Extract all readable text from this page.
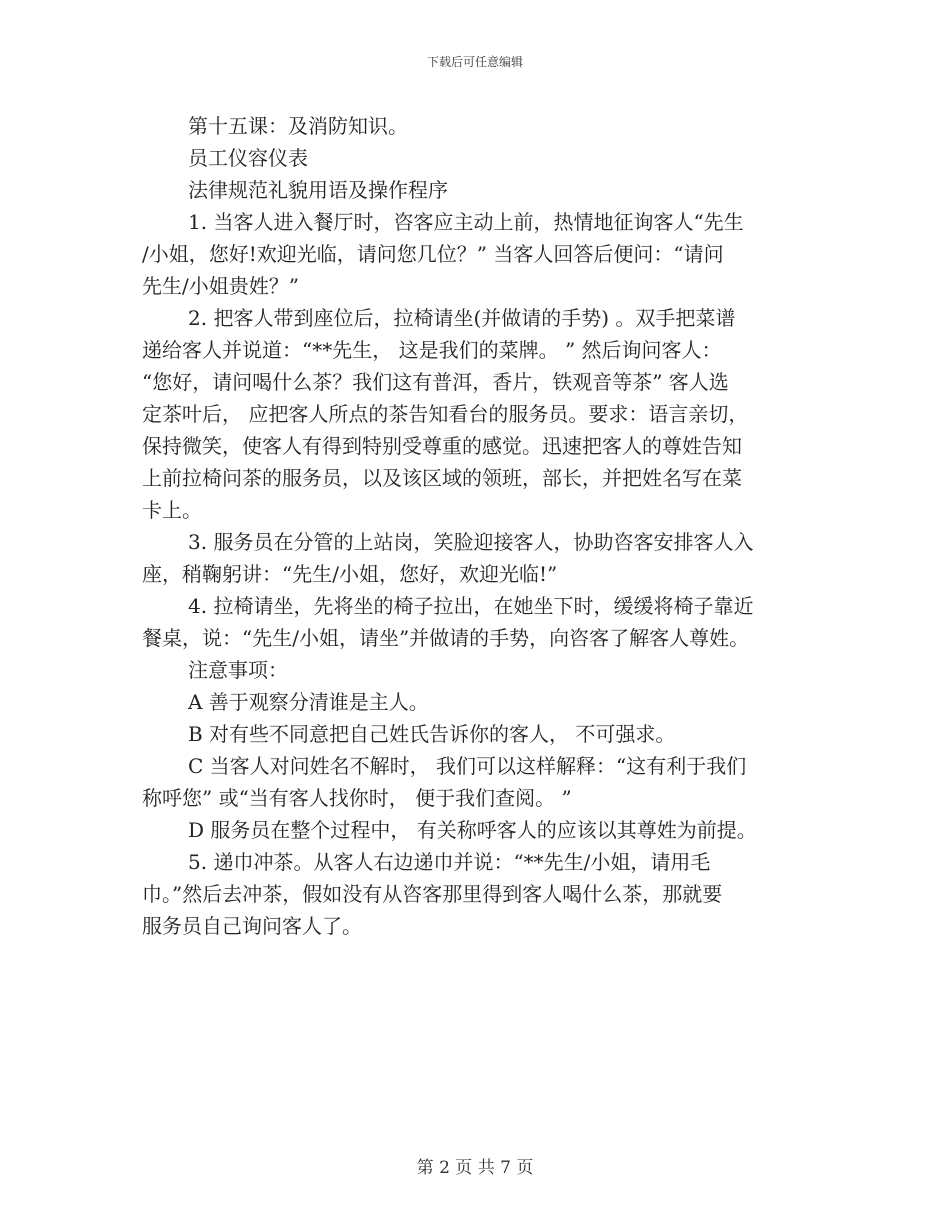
下载后可任意编辑

第十五课：及消防知识。

员工仪容仪表

法律规范礼貌用语及操作程序

1. 当客人进入餐厅时，咨客应主动上前，热情地征询客人“先生

/小姐，您好!欢迎光临，请问您几位？” 当客人回答后便问：“请问

先生/小姐贵姓？”

2. 把客人带到座位后，拉椅请坐(并做请的手势) 。双手把菜谱

递给客人并说道：“**先生， 这是我们的菜牌。 ” 然后询问客人：

“您好，请问喝什么茶？我们这有普洱，香片，铁观音等茶” 客人选

定茶叶后， 应把客人所点的茶告知看台的服务员。要求：语言亲切，

保持微笑，使客人有得到特别受尊重的感觉。迅速把客人的尊姓告知

上前拉椅问茶的服务员，以及该区域的领班，部长，并把姓名写在菜

卡上。

3. 服务员在分管的上站岗，笑脸迎接客人，协助咨客安排客人入

座，稍鞠躬讲：“先生/小姐，您好，欢迎光临!”

4. 拉椅请坐，先将坐的椅子拉出，在她坐下时，缓缓将椅子靠近

餐桌，说：“先生/小姐，请坐”并做请的手势，向咨客了解客人尊姓。

注意事项：

A 善于观察分清谁是主人。

B 对有些不同意把自己姓氏告诉你的客人， 不可强求。

C 当客人对问姓名不解时， 我们可以这样解释：“这有利于我们

称呼您” 或“当有客人找你时， 便于我们查阅。 ”

D 服务员在整个过程中， 有关称呼客人的应该以其尊姓为前提。

5. 递巾冲茶。从客人右边递巾并说：“**先生/小姐，请用毛

巾。”然后去冲茶，假如没有从咨客那里得到客人喝什么茶，那就要

服务员自己询问客人了。

第 2 页 共 7 页
